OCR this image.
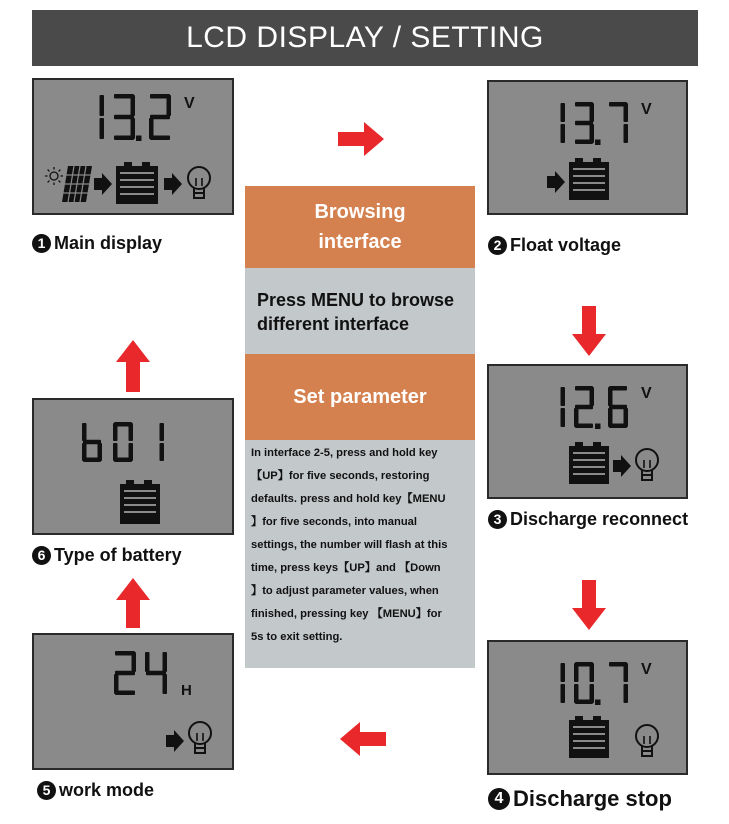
LCD DISPLAY / SETTING
V
1 Main display
V
2 Float voltage
V
3 Discharge reconnect
V
4 Discharge stop
H
5 work mode
6 Type of battery
Browsing
interface
Press MENU to browse
different interface
Set parameter
In interface 2-5, press and hold key
【UP】for five seconds, restoring
defaults. press and hold key【MENU
】for five seconds, into manual
settings, the number will flash at this
time, press keys【UP】and 【Down
】to adjust parameter values, when
finished, pressing key 【MENU】for
5s to exit setting.
